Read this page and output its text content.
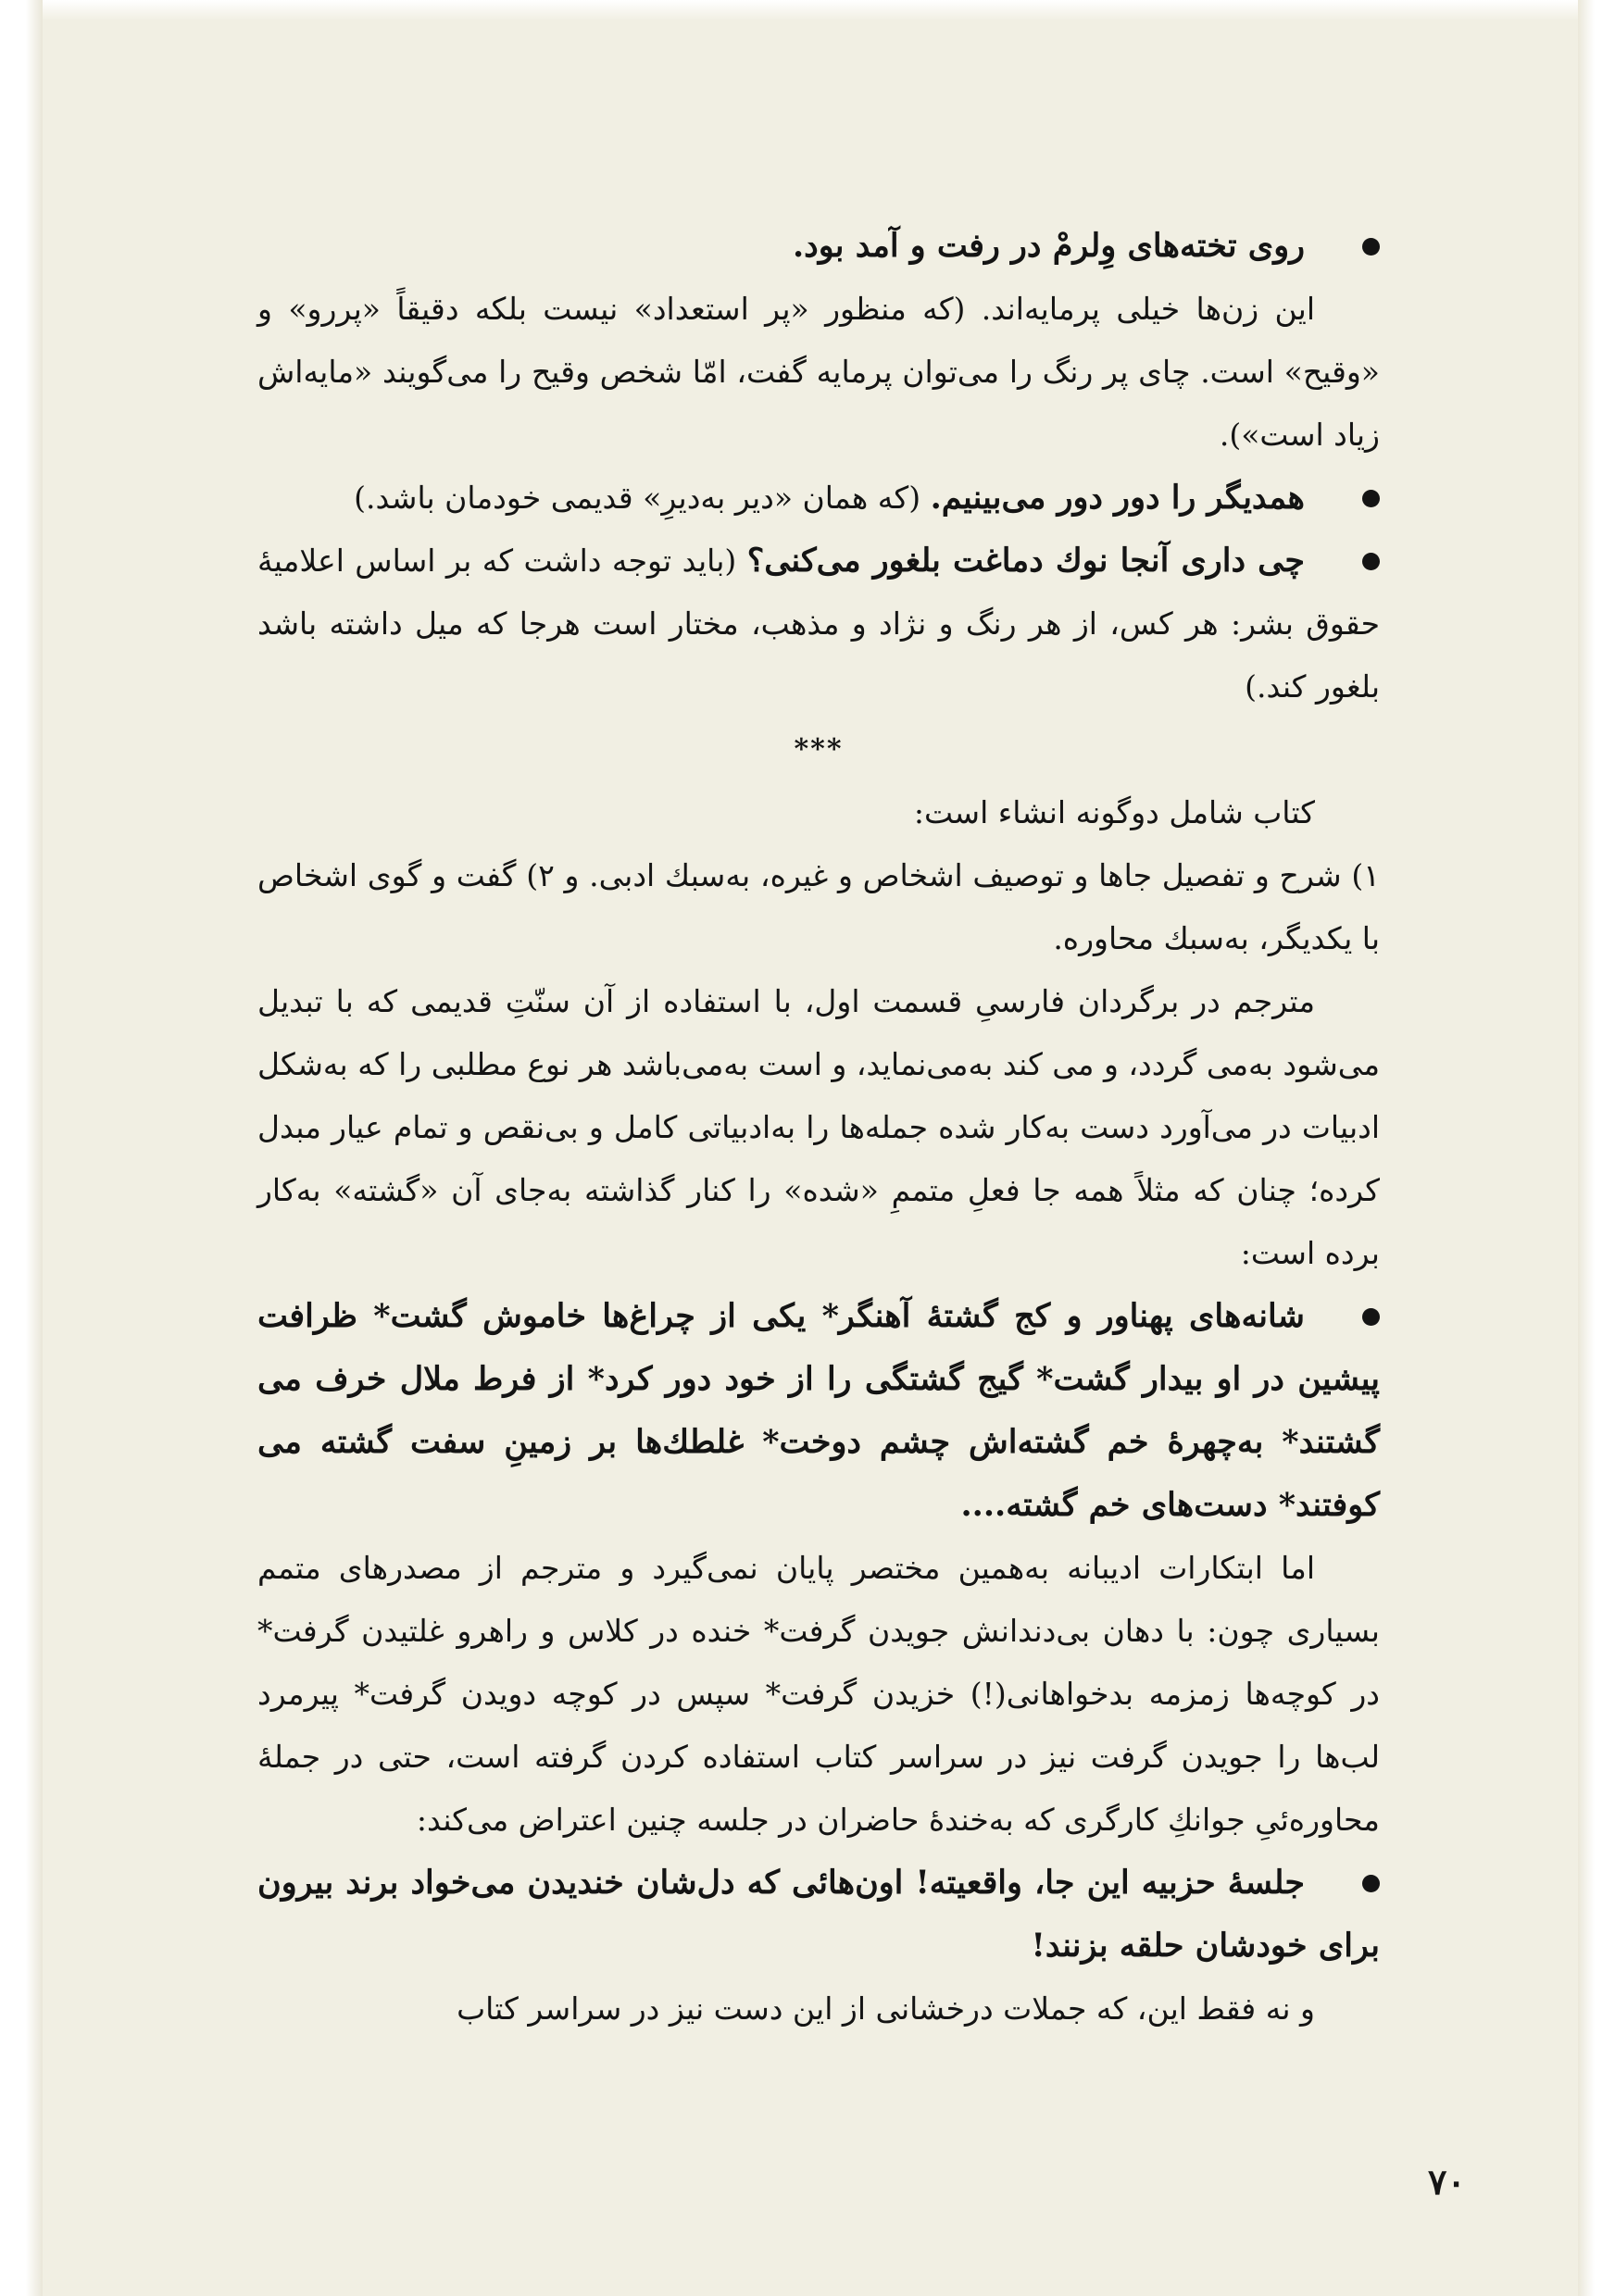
روی تخته‌های وِلرمْ در رفت و آمد بود.

این زن‌ها خیلی پرمایه‌اند. (که منظور «پر استعداد» نیست بلکه دقیقاً «پررو» و «وقیح» است. چای پر رنگ را می‌توان پرمایه گفت، امّا شخص وقیح را می‌گویند «مایه‌اش زیاد است»).

همدیگر را دور دور می‌بینیم. (که همان «دیر به‌دیرِ» قدیمی خودمان باشد.)

چی داری آنجا نوك دماغت بلغور می‌کنی؟ (باید توجه داشت که بر اساس اعلامیهٔ حقوق بشر: هر کس، از هر رنگ و نژاد و مذهب، مختار است هرجا که میل داشته باشد بلغور کند.)

***

کتاب شامل دوگونه انشاء است:

۱) شرح و تفصیل جاها و توصیف اشخاص و غیره، به‌سبك ادبی. و ۲) گفت و گوی اشخاص با یکدیگر، به‌سبك محاوره.

مترجم در برگردان فارسیِ قسمت اول، با استفاده از آن سنّتِ قدیمی که با تبدیل می‌شود به‌می گردد، و می کند به‌می‌نماید، و است به‌می‌باشد هر نوع مطلبی را که به‌شکل ادبیات در می‌آورد دست به‌کار شده جمله‌ها را به‌ادبیاتی کامل و بی‌نقص و تمام عیار مبدل کرده؛ چنان که مثلاً همه جا فعلِ متممِ «شده» را کنار گذاشته به‌جای آن «گشته» به‌کار برده است:

شانه‌های پهناور و کج گشتهٔ آهنگر* یکی از چراغ‌ها خاموش گشت* ظرافت پیشین در او بیدار گشت* گیج گشتگی را از خود دور کرد* از فرط ملال خرف می گشتند* به‌چهرهٔ خم گشته‌اش چشم دوخت* غلطك‌ها بر زمینِ سفت گشته می کوفتند* دست‌های خم گشته....

اما ابتکارات ادیبانه به‌همین مختصر پایان نمی‌گیرد و مترجم از مصدرهای متمم بسیاری چون: با دهان بی‌دندانش جویدن گرفت* خنده در کلاس و راهرو غلتیدن گرفت* در کوچه‌ها زمزمه بدخواهانی(!) خزیدن گرفت* سپس در کوچه دویدن گرفت* پیرمرد لب‌ها را جویدن گرفت نیز در سراسر کتاب استفاده کردن گرفته است، حتی در جملهٔ محاوره‌ئیِ جوانكِ کارگری که به‌خندهٔ حاضران در جلسه چنین اعتراض می‌کند:

جلسهٔ حزبیه این جا، واقعیته! اون‌هائی که دل‌شان خندیدن می‌خواد برند بیرون برای خودشان حلقه بزنند!

و نه فقط این، که جملات درخشانی از این دست نیز در سراسر کتاب

۷۰
